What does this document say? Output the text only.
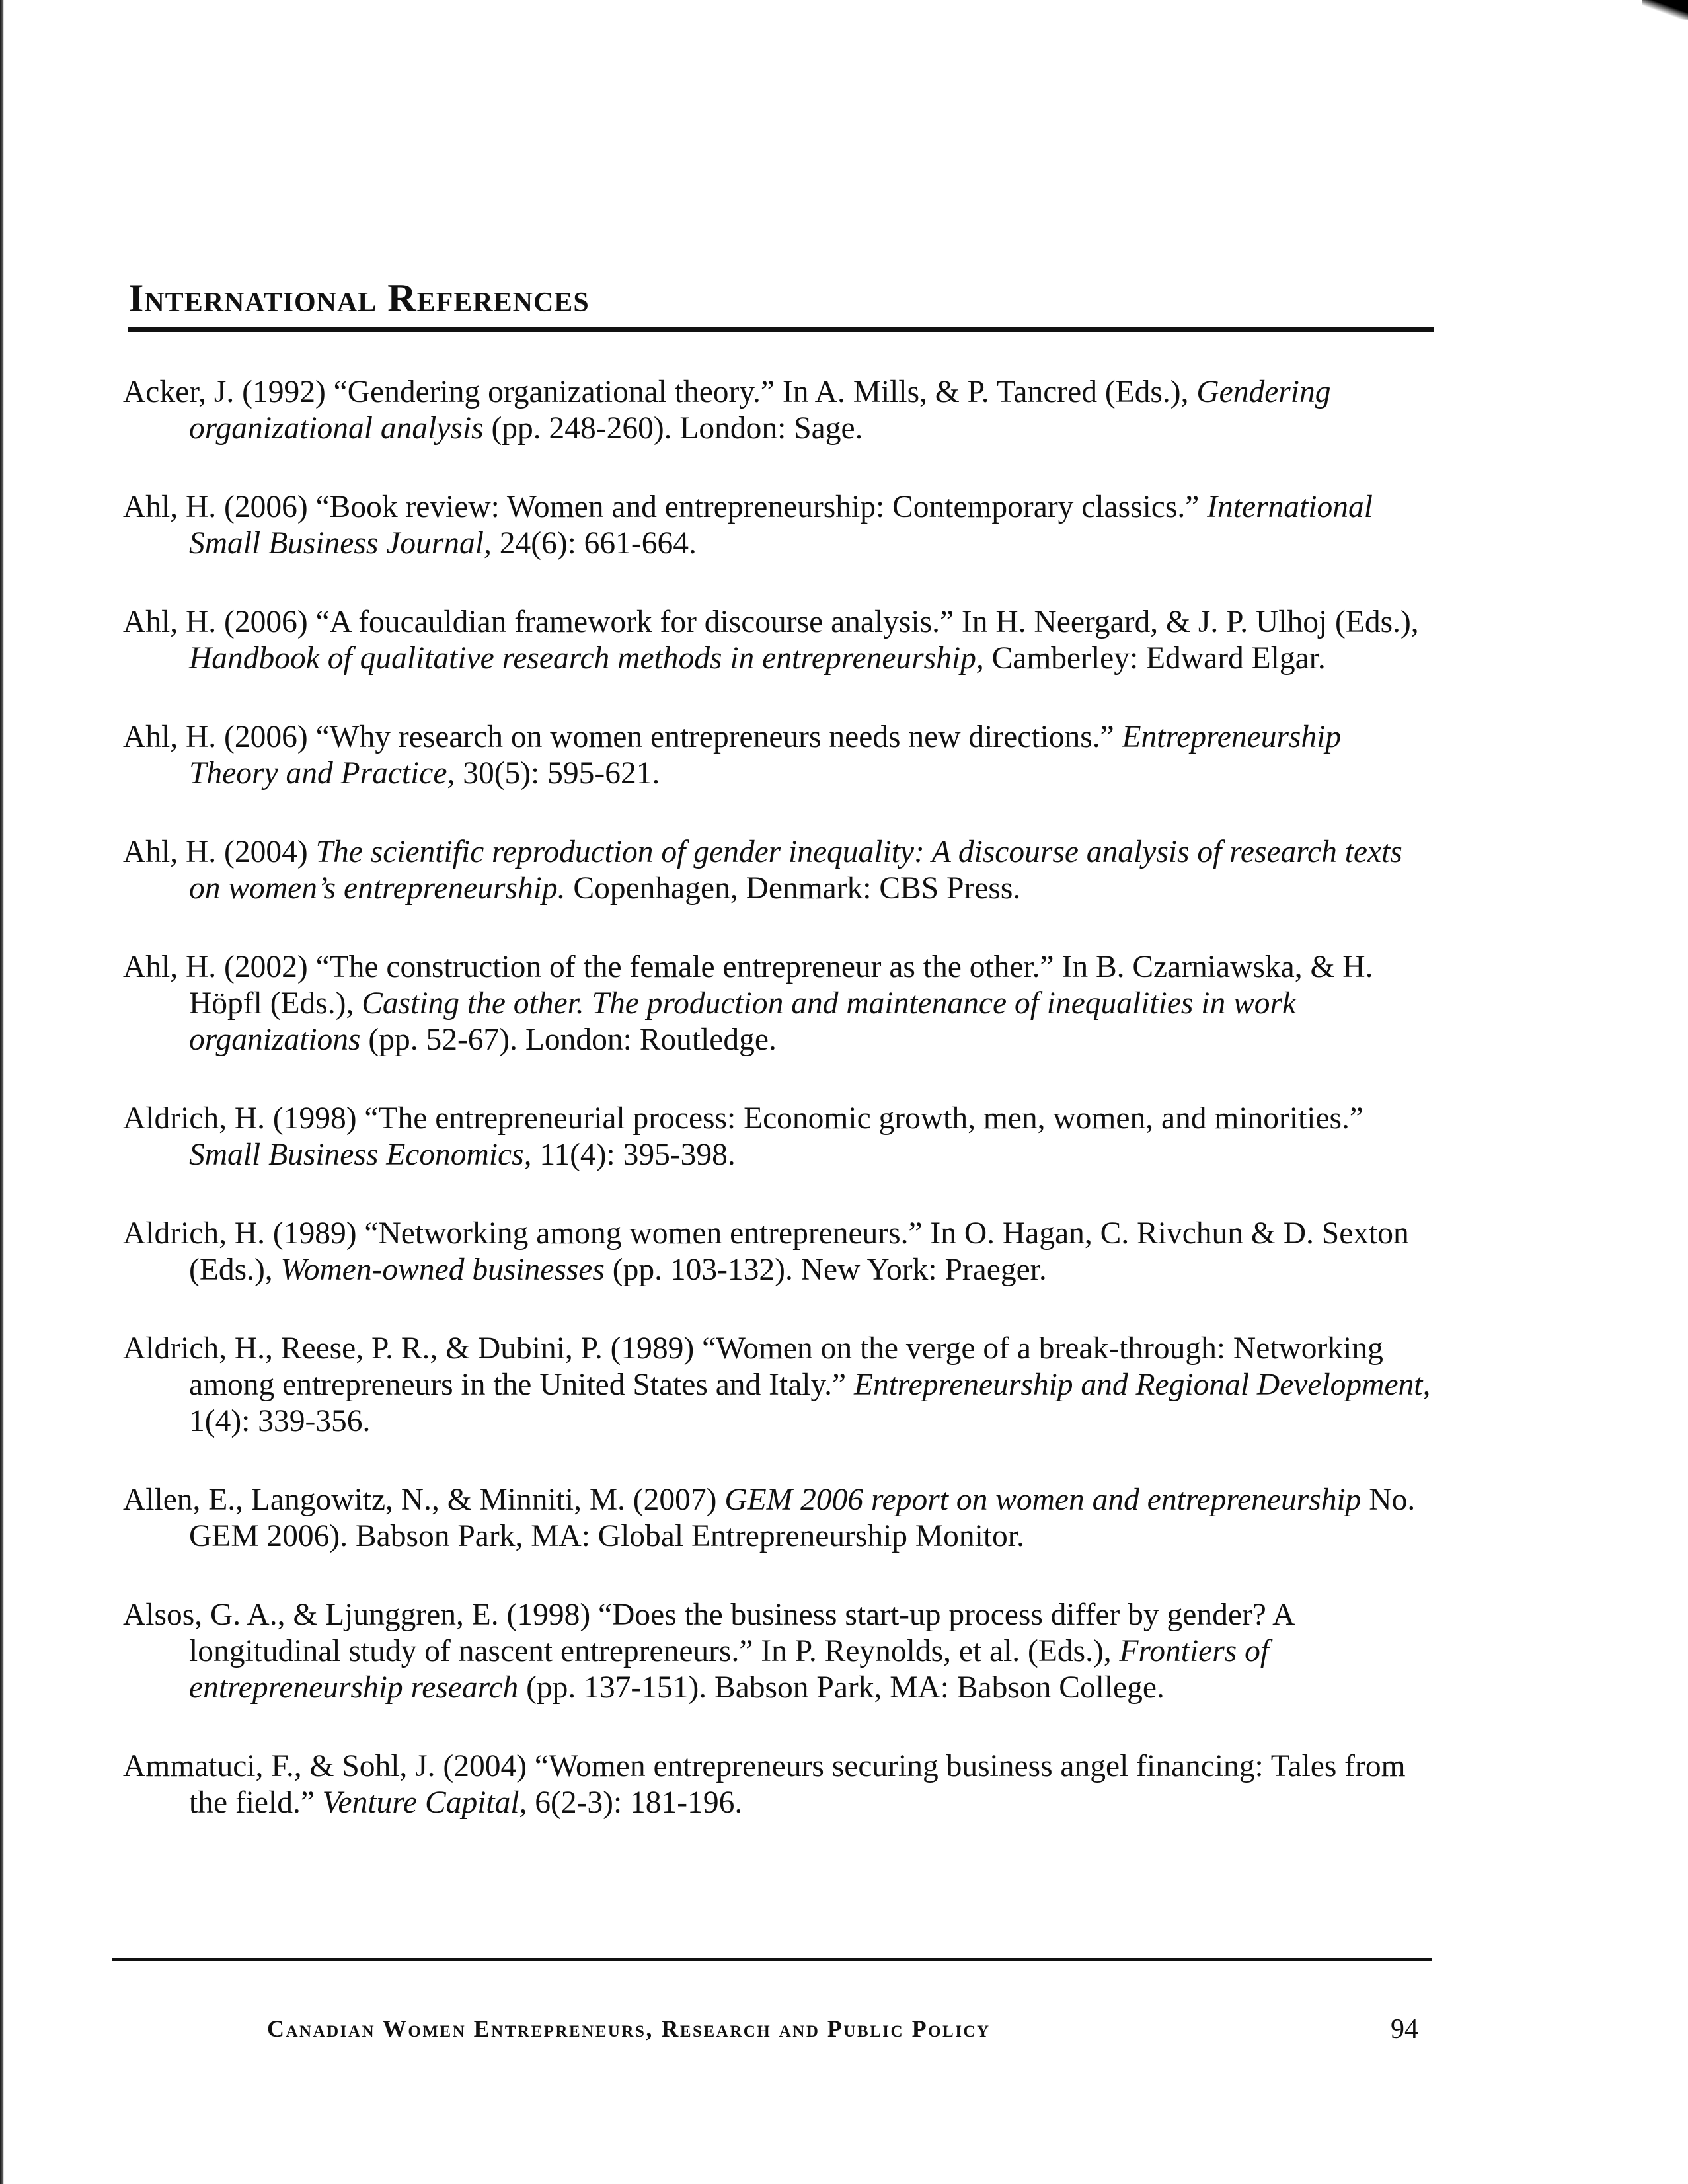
International References

Acker, J. (1992) “Gendering organizational theory.” In A. Mills, & P. Tancred (Eds.), Gendering organizational analysis (pp. 248-260). London: Sage.

Ahl, H. (2006) “Book review: Women and entrepreneurship: Contemporary classics.” International Small Business Journal, 24(6): 661-664.

Ahl, H. (2006) “A foucauldian framework for discourse analysis.” In H. Neergard, & J. P. Ulhoj (Eds.), Handbook of qualitative research methods in entrepreneurship, Camberley: Edward Elgar.

Ahl, H. (2006) “Why research on women entrepreneurs needs new directions.” Entrepreneurship Theory and Practice, 30(5): 595-621.

Ahl, H. (2004) The scientific reproduction of gender inequality: A discourse analysis of research texts on women’s entrepreneurship. Copenhagen, Denmark: CBS Press.

Ahl, H. (2002) “The construction of the female entrepreneur as the other.” In B. Czarniawska, & H. Höpfl (Eds.), Casting the other. The production and maintenance of inequalities in work organizations (pp. 52-67). London: Routledge.

Aldrich, H. (1998) “The entrepreneurial process: Economic growth, men, women, and minorities.” Small Business Economics, 11(4): 395-398.

Aldrich, H. (1989) “Networking among women entrepreneurs.” In O. Hagan, C. Rivchun & D. Sexton (Eds.), Women-owned businesses (pp. 103-132). New York: Praeger.

Aldrich, H., Reese, P. R., & Dubini, P. (1989) “Women on the verge of a break-through: Networking among entrepreneurs in the United States and Italy.” Entrepreneurship and Regional Development, 1(4): 339-356.

Allen, E., Langowitz, N., & Minniti, M. (2007) GEM 2006 report on women and entrepreneurship No. GEM 2006). Babson Park, MA: Global Entrepreneurship Monitor.

Alsos, G. A., & Ljunggren, E. (1998) “Does the business start-up process differ by gender? A longitudinal study of nascent entrepreneurs.” In P. Reynolds, et al. (Eds.), Frontiers of entrepreneurship research (pp. 137-151). Babson Park, MA: Babson College.

Ammatuci, F., & Sohl, J. (2004) “Women entrepreneurs securing business angel financing: Tales from the field.” Venture Capital, 6(2-3): 181-196.

Canadian Women Entrepreneurs, Research and Public Policy	94
